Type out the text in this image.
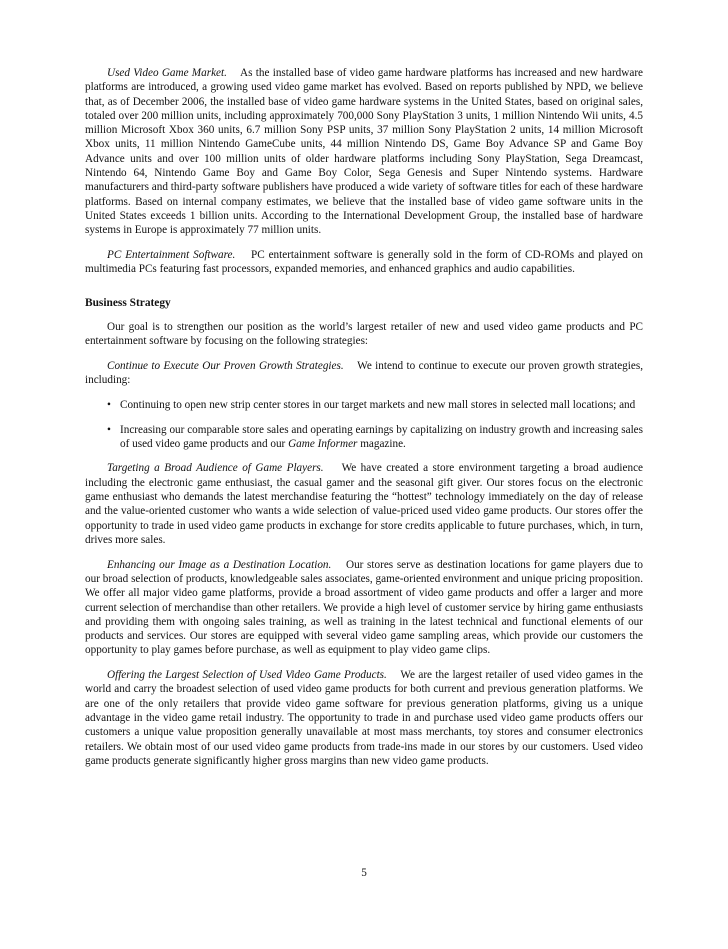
Used Video Game Market. As the installed base of video game hardware platforms has increased and new hardware platforms are introduced, a growing used video game market has evolved. Based on reports published by NPD, we believe that, as of December 2006, the installed base of video game hardware systems in the United States, based on original sales, totaled over 200 million units, including approximately 700,000 Sony PlayStation 3 units, 1 million Nintendo Wii units, 4.5 million Microsoft Xbox 360 units, 6.7 million Sony PSP units, 37 million Sony PlayStation 2 units, 14 million Microsoft Xbox units, 11 million Nintendo GameCube units, 44 million Nintendo DS, Game Boy Advance SP and Game Boy Advance units and over 100 million units of older hardware platforms including Sony PlayStation, Sega Dreamcast, Nintendo 64, Nintendo Game Boy and Game Boy Color, Sega Genesis and Super Nintendo systems. Hardware manufacturers and third-party software publishers have produced a wide variety of software titles for each of these hardware platforms. Based on internal company estimates, we believe that the installed base of video game software units in the United States exceeds 1 billion units. According to the International Development Group, the installed base of hardware systems in Europe is approximately 77 million units.

PC Entertainment Software. PC entertainment software is generally sold in the form of CD-ROMs and played on multimedia PCs featuring fast processors, expanded memories, and enhanced graphics and audio capabilities.

Business Strategy

Our goal is to strengthen our position as the world’s largest retailer of new and used video game products and PC entertainment software by focusing on the following strategies:

Continue to Execute Our Proven Growth Strategies. We intend to continue to execute our proven growth strategies, including:

• Continuing to open new strip center stores in our target markets and new mall stores in selected mall locations; and
• Increasing our comparable store sales and operating earnings by capitalizing on industry growth and increasing sales of used video game products and our Game Informer magazine.

Targeting a Broad Audience of Game Players. We have created a store environment targeting a broad audience including the electronic game enthusiast, the casual gamer and the seasonal gift giver. Our stores focus on the electronic game enthusiast who demands the latest merchandise featuring the “hottest” technology immediately on the day of release and the value-oriented customer who wants a wide selection of value-priced used video game products. Our stores offer the opportunity to trade in used video game products in exchange for store credits applicable to future purchases, which, in turn, drives more sales.

Enhancing our Image as a Destination Location. Our stores serve as destination locations for game players due to our broad selection of products, knowledgeable sales associates, game-oriented environment and unique pricing proposition. We offer all major video game platforms, provide a broad assortment of video game products and offer a larger and more current selection of merchandise than other retailers. We provide a high level of customer service by hiring game enthusiasts and providing them with ongoing sales training, as well as training in the latest technical and functional elements of our products and services. Our stores are equipped with several video game sampling areas, which provide our customers the opportunity to play games before purchase, as well as equipment to play video game clips.

Offering the Largest Selection of Used Video Game Products. We are the largest retailer of used video games in the world and carry the broadest selection of used video game products for both current and previous generation platforms. We are one of the only retailers that provide video game software for previous generation platforms, giving us a unique advantage in the video game retail industry. The opportunity to trade in and purchase used video game products offers our customers a unique value proposition generally unavailable at most mass merchants, toy stores and consumer electronics retailers. We obtain most of our used video game products from trade-ins made in our stores by our customers. Used video game products generate significantly higher gross margins than new video game products.

5
